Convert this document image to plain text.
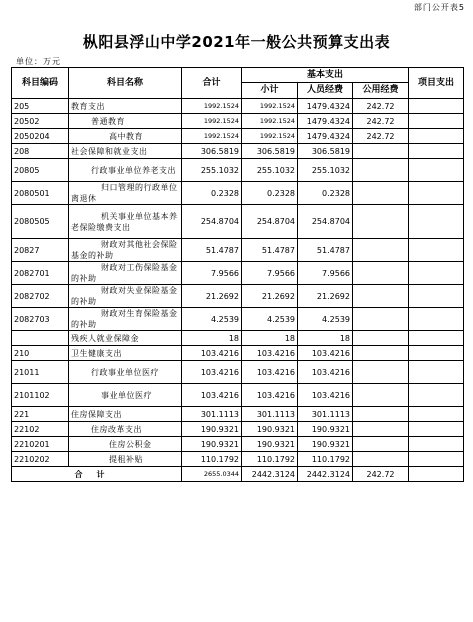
部门公开表5
枞阳县浮山中学2021年一般公共预算支出表
单位：万元
科目编码	科目名称	合计	基本支出			项目支出
			小计	人员经费	公用经费	
205	教育支出	1992.1524	1992.1524	1479.4324	242.72	
20502	普通教育	1992.1524	1992.1524	1479.4324	242.72	
2050204	高中教育	1992.1524	1992.1524	1479.4324	242.72	
208	社会保障和就业支出	306.5819	306.5819	306.5819		
20805	行政事业单位养老支出	255.1032	255.1032	255.1032		
2080501	归口管理的行政单位离退休	0.2328	0.2328	0.2328		
2080505	机关事业单位基本养老保险缴费支出	254.8704	254.8704	254.8704		
20827	财政对其他社会保险基金的补助	51.4787	51.4787	51.4787		
2082701	财政对工伤保险基金的补助	7.9566	7.9566	7.9566		
2082702	财政对失业保险基金的补助	21.2692	21.2692	21.2692		
2082703	财政对生育保险基金的补助	4.2539	4.2539	4.2539		
	残疾人就业保障金	18	18	18		
210	卫生健康支出	103.4216	103.4216	103.4216		
21011	行政事业单位医疗	103.4216	103.4216	103.4216		
2101102	事业单位医疗	103.4216	103.4216	103.4216		
221	住房保障支出	301.1113	301.1113	301.1113		
22102	住房改革支出	190.9321	190.9321	190.9321		
2210201	住房公积金	190.9321	190.9321	190.9321		
2210202	提租补贴	110.1792	110.1792	110.1792		
合计		2655.0344	2442.3124	2442.3124	242.72	
